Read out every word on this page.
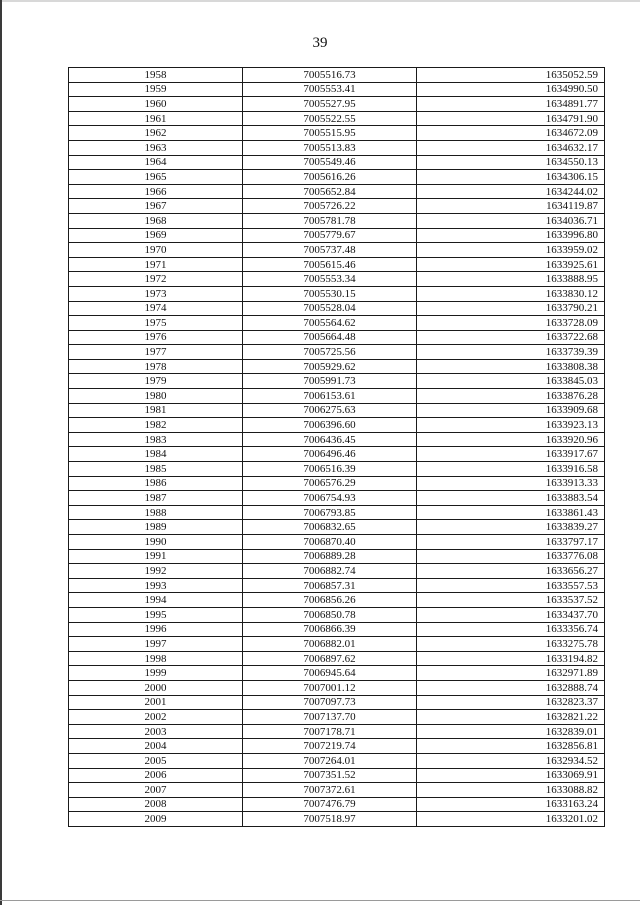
39
1958	7005516.73	1635052.59
1959	7005553.41	1634990.50
1960	7005527.95	1634891.77
1961	7005522.55	1634791.90
1962	7005515.95	1634672.09
1963	7005513.83	1634632.17
1964	7005549.46	1634550.13
1965	7005616.26	1634306.15
1966	7005652.84	1634244.02
1967	7005726.22	1634119.87
1968	7005781.78	1634036.71
1969	7005779.67	1633996.80
1970	7005737.48	1633959.02
1971	7005615.46	1633925.61
1972	7005553.34	1633888.95
1973	7005530.15	1633830.12
1974	7005528.04	1633790.21
1975	7005564.62	1633728.09
1976	7005664.48	1633722.68
1977	7005725.56	1633739.39
1978	7005929.62	1633808.38
1979	7005991.73	1633845.03
1980	7006153.61	1633876.28
1981	7006275.63	1633909.68
1982	7006396.60	1633923.13
1983	7006436.45	1633920.96
1984	7006496.46	1633917.67
1985	7006516.39	1633916.58
1986	7006576.29	1633913.33
1987	7006754.93	1633883.54
1988	7006793.85	1633861.43
1989	7006832.65	1633839.27
1990	7006870.40	1633797.17
1991	7006889.28	1633776.08
1992	7006882.74	1633656.27
1993	7006857.31	1633557.53
1994	7006856.26	1633537.52
1995	7006850.78	1633437.70
1996	7006866.39	1633356.74
1997	7006882.01	1633275.78
1998	7006897.62	1633194.82
1999	7006945.64	1632971.89
2000	7007001.12	1632888.74
2001	7007097.73	1632823.37
2002	7007137.70	1632821.22
2003	7007178.71	1632839.01
2004	7007219.74	1632856.81
2005	7007264.01	1632934.52
2006	7007351.52	1633069.91
2007	7007372.61	1633088.82
2008	7007476.79	1633163.24
2009	7007518.97	1633201.02
